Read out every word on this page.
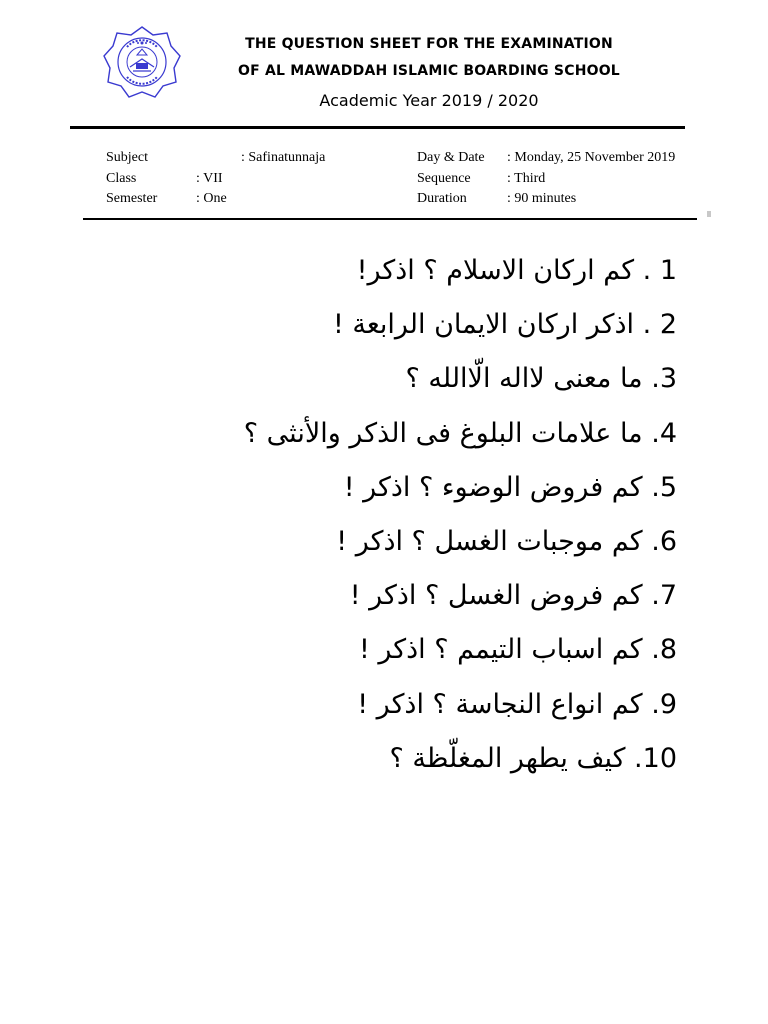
THE QUESTION SHEET FOR THE EXAMINATION
OF AL MAWADDAH ISLAMIC BOARDING SCHOOL
Academic Year 2019 / 2020
Subject	: Safinatunnaja
Class	: VII
Semester	: One
Day & Date : Monday, 25 November 2019
Sequence	: Third
Duration	: 90 minutes
1 . كم اركان الاسلام ؟ اذكر!
2 . اذكر اركان الايمان الرابعة !
3. ما معنى لااله الّاالله ؟
4. ما علامات البلوغ فى الذكر والأنثى ؟
5. كم فروض الوضوء ؟ اذكر !
6. كم موجبات الغسل ؟ اذكر !
7. كم فروض الغسل ؟ اذكر !
8. كم اسباب التيمم ؟ اذكر !
9. كم انواع النجاسة ؟ اذكر !
10. كيف يطهر المغلّظة ؟
